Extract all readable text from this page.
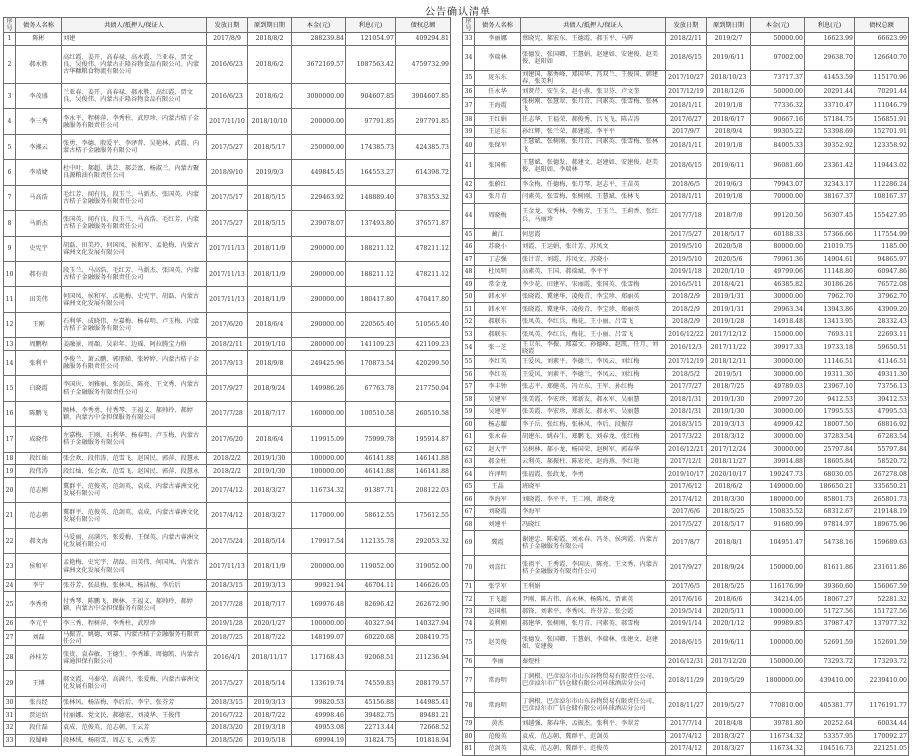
公告确认清单
序号	债务人名称	共债人/抵押人/保证人	发放日期	原到期日期	本金(元)	利息(元)	债权总额
1	陈彬	刘建	2017/8/9	2018/8/2	288239.84	121054.97	409294.81
2	郝永胜	高红霞、姜开、高春禄、高永霞、兰亚春、贾文良、吴俊伟、内蒙古正隆谷物食品有限公司、内蒙古华糠粮食物流有限公司	2016/6/23	2018/6/2	3672169.57	1087563.42	4759732.99
3	李茂盛	兰亚春、姜开、高春禄、郝永胜、高红霞、贾文良、吴俊伟、内蒙古正隆谷物食品有限公司	2016/6/23	2018/6/2	3000000.00	904607.85	3904607.85
4	李三秀	李永平、程树萍、李秀柱、武厚珍、内蒙古桔子金融服务有限责任公司	2017/11/10	2018/10/10	200000.00	97791.85	297791.85
5	李湘云	张勇、李德、殷爱平、李泽普、吴艳林、武霞、内蒙古桔子金融服务有限公司	2017/5/27	2018/5/17	250000.00	174385.73	424385.73
6	李靖婕	杜中叶、郝超、洪芸、郝芸富、杨淑兰、内蒙古聚良源粮油有限责任公司	2018/9/10	2019/9/3	449845.45	164553.27	614398.72
7	马高浩	毛红芳、闻有良、段玉兰、马新杰、张国英、内蒙古桔子金融服务有限责任公司	2017/5/17	2018/5/15	229463.92	148889.40	378353.32
8	马新杰	张国英、闻有良、段玉兰、马高浩、毛红芳、内蒙古桔子金融服务有限责任公司	2017/5/27	2018/5/15	239078.07	137493.80	376571.87
9	史宪宇	胡磊、田美玲、何国凤、侯和军、孟艳梅、内蒙古睿洲文化发展有限公司	2017/11/13	2018/11/9	290000.00	188211.12	478211.12
10	郝有贵	段玉兰、马高浩、毛红芳、马新杰、张国英、内蒙古桔子金融服务有限责任公司	2017/11/13	2018/11/9	290000.00	188211.12	478211.12
11	田美伟	何国凤、侯和军、孟艳梅、史宪宇、胡磊、内蒙古睿洲文化发展有限公司	2017/11/13	2018/11/9	290000.00	180417.80	470417.80
12	王刚	石利华、成晓伟、左嘉梅、杨春明、卢玉梅、内蒙古桔子金融服务有限公司	2017/6/20	2018/6/4	290000.00	220565.40	510565.40
13	周鹏程	姜融景、周頵、吴彩年、边瑶、阿拉腾宝力格	2018/2/11	2019/1/10	280000.00	141109.23	421109.23
14	张利平	李俊兰、萧云鹏、郭朋娣、张婷婷、内蒙古桔子金融服务有限责任公司	2017/9/13	2018/9/8	249425.96	170873.54	420299.50
15	白晓霞	李国庆、刘雅丽、张剑岳、陈亮、王文秀、内蒙古桔子金融服务有限责任公司	2017/9/27	2018/9/24	149986.26	67763.78	217750.04
16	陈鹏飞	顾林、李秀勇、付秀琴、王福义、郝帅玲、郝婷颖、内蒙古中金担保服务有限公司	2017/7/28	2018/7/17	160000.00	100510.58	260510.58
17	成晓伟	左嘉梅、王刚、石利华、杨春明、卢玉梅、内蒙古桔子金融服务有限公司	2017/6/20	2018/6/4	119915.09	75999.78	195914.87
18	段红灿	张会欢、段伟涛、范雪飞、赵国民、郭萍、段慧永	2018/2/2	2019/1/30	100000.00	46141.88	146141.88
19	段伟涛	段红灿、张会欢、范雪飞、赵国民、郭萍、段慧永	2018/2/2	2019/1/30	100000.00	46141.88	146141.88
20	范志刚	冀群平、范俊英、范剑英、袁成、内蒙古睿洲文化发展有限公司	2017/4/12	2018/3/27	116734.32	91387.71	208122.03
21	范志朝	冀群平、范俊英、范剑英、袁成、内蒙古睿洲文化发展有限公司	2017/4/12	2018/3/27	117000.00	58612.55	175612.55
22	郝文海	马爱丽、高满兴、张爱梅、王保英、内蒙古睿洲文化发展有限公司	2017/5/24	2018/5/14	179917.54	112135.78	292053.32
23	侯和军	孟艳梅、史宪宇、胡磊、田美伟、何国凤、内蒙古睿洲文化发展有限公司	2017/11/13	2018/11/9	200000.00	119052.00	319052.00
24	李宁	张芬芳、张晨梅、张林风、杨洁梅、李后后	2018/3/15	2019/3/13	99921.94	46704.11	146626.05
25	李秀勇	付秀琴、陈鹏飞、顾林、王福义、郝帅玲、郝婷颖、内蒙古中金担保服务有限公司	2017/7/28	2018/7/17	169976.48	82696.42	262672.90
26	李元平	李三秀、程树萍、李秀柱、武厚珍	2019/1/28	2020/1/27	100000.00	40327.94	140327.94
27	刘磊	马振青、姚德、刘嘉、内蒙古桔子金融服务有限责任公司	2018/7/25	2018/7/22	148199.07	60220.68	208419.75
28	孙桂芳	张贵、袁春敏、王德生、李秀雄、周德凯、内蒙古睿通担保有限公司	2016/4/1	2018/11/17	117168.43	92068.51	211236.94
29	王博	郝文霞、马秦荣、高满兴、张爱梅、内蒙古睿洲文化发展有限公司	2017/5/27	2018/5/14	133619.74	74559.83	208179.57
30	张良经	张林风、杨洁梅、李后后、李宁、张芬芳	2018/3/15	2019/3/13	99820.53	45156.88	144985.41
31	贾运绍	付丽娜、党文民、郝德宏、刘凌华、王俊伟	2016/7/22	2018/7/22	49998.46	39482.75	89481.21
32	段仕磊	袁成、范俊英、范志朝、王云芳	2018/3/20	2019/3/18	49953.08	22713.44	72668.52
33	段蜀峰	段林绒、杨雨雪、周志飞、云秀芳	2018/5/26	2019/5/18	69994.19	31824.75	101818.94
序号	债务人名称	共债人/抵押人/保证人	发放日期	原到期日期	本金(元)	利息(元)	债权总额
33	李丽娜	蔡晓宪、郝宏东、王德霞、郝玉平、马晖	2018/2/11	2019/2/7	50000.00	16623.99	66623.99
34	李瑞林	张德发、张国卿、王慧娟、赵建如、安建俊、赵美俊、赵阳如	2018/6/15	2019/6/11	97002.00	29638.70	126640.70
35	庞东东	刘建国、郝秀峰、郑国华、冯双兰、王俊国、韩建春、张美利	2017/10/27	2018/10/23	73717.37	41453.59	115170.96
36	任永华	刘贤芹、安生全、赵小燕、张卫芬、卢文奎	2017/12/19	2018/12/6	50000.00	20291.44	70291.44
37	王海霞	张树刚、张慧翠、张月青、闫素英、张雪梅、张林飞	2018/1/11	2019/1/8	77336.32	33710.47	111046.79
38	王红娟	任志华、王福荣、郝俊秀、吕飞飞、陈吉涛	2017/6/27	2018/6/17	90667.16	57184.75	156851.91
39	王运东	孙红辉、张兰荣、郝建霞、李平平	2017/9/7	2018/9/4	99305.22	53398.69	152701.91
40	张保军	王慧斌、张树刚、张月青、闫素英、张雪梅、张林飞	2018/1/11	2019/1/8	84005.33	39352.92	123358.92
41	张国栋	王慧斌、张德发、郝建文、赵建如、安建俊、赵美俊、赵阳如、李瑞林	2018/6/15	2019/6/11	96081.60	23361.42	119443.02
42	张蔚红	李金梅、任德梅、张月琴、赵志平、王苗英	2018/6/5	2019/6/3	79943.07	32343.17	112286.24
43	张月青	闫素英、张雪梅、张树刚、王慧斌、张林飞	2018/1/11	2019/1/8	70000.00	38167.37	108167.37
44	周晓梅	王金龙、安秀林、李梅芳、王玉兰、王莉香、张红兵、马丽珍	2017/7/18	2018/7/8	99120.50	56307.45	155427.95
45	蔺江	何思霞	2017/5/27	2018/5/17	60188.33	57366.66	117554.99
46	苏晓小	刘霞、王运娟、张计芳、苏凤文	2019/5/10	2020/5/8	80000.00	21019.75	1185.00
47	丁志强	张计青、刘霞、苏凤文、苏晓小	2019/5/10	2020/5/6	79961.36	14904.61	94865.97
48	杜凤明	高素英、王国、郝瑞斌、李平平	2019/1/18	2020/1/10	49799.06	11148.80	60947.86
49	常金龙	李少花、田建军、宋丽霞、张国英、张雪梅	2016/5/11	2018/4/21	46385.82	30186.26	76572.08
50	韩永军	张晓霞、冀建华、凌俊青、李宝珍、郑丽英	2018/2/9	2019/1/31	30000.00	7962.70	37962.70
51	韩永军	张晓霞、冀建华、凌俊青、李宝珍、郑丽英	2018/2/9	2019/1/31	29963.34	13943.86	43909.20
52	郝联东	张凤英、李红兵、梅花、王小丽、吕雪飞	2018/2/9	2019/1/28	14918.48	13413.95	28332.43
53	郝联东	张凤英、李红兵、梅花、王小丽、吕雪飞	2016/12/22	2017/12/12	15000.00	7693.11	22693.11
54	张一芝	王卫东、李振、郑嘉文、孙德峰、赵凯、任月、刘晓霞	2016/12/3	2017/11/22	39917.33	19733.18	59650.51
55	李红英	王爱风、刘素平、李德兰、李凤云、刘红梅	2017/12/19	2018/12/11	30000.00	11146.51	41146.51
56	李红英	王爱风、刘素平、李德兰、李凤云、刘红梅	2018/5/2	2019/5/1	30000.00	19311.30	49311.30
57	李丰钟	张志平、郑健英、冯立东、王军、孙红梅	2017/7/27	2018/7/25	49789.03	23967.10	73756.13
58	吴建军	张美霞、李宏珍、郑新友、郝永军、吴丽慧	2018/1/31	2019/1/30	29997.20	9412.53	39412.53
59	吴建军	张美霞、李宏珍、郑新友、郝永军、吴丽慧	2018/1/31	2019/1/30	30000.00	17995.53	47995.53
60	杨志耀	李子岳、张红梅、张林风、李后、段振存	2018/3/15	2019/3/13	49909.42	18007.50	68816.92
61	张永春	胡建东、姚春生、郑鹏飞、刘春龙、张红梅	2017/3/22	2018/3/12	30000.00	37283.54	67283.54
62	赵大宇	吴树林、郝小龙、杨国荣、赵树军、郭春华	2016/12/21	2017/12/24	30000.00	25797.84	55797.84
63	郝金柱	云利英、郝振柱、陈宏亮、赵海燕、李红艳	2017/12/1	2018/11/27	39914.88	18605.84	58520.72
64	许泽明	张福霞、张政龙、李勇	2019/10/17	2020/10/17	199247.73	68030.05	267278.08
65	王晶	班晓军	2017/6/12	2018/6/2	149000.00	186650.21	335650.21
66	李海军	刘晓霞、李平平、王二刚、萧晓龙	2017/4/12	2018/3/30	180000.00	85801.73	265801.73
67	刘晓霞	李海军	2017/6/6	2018/5/25	150835.52	68312.67	219148.19
68	刘建平	冯晓红	2017/5/27	2018/5/17	91680.99	97814.97	189675.96
69	冀霞	谢建忠、陈菊霞、刘永春、冯冬、侯鸿霞、内蒙古桔子金融服务有限公司	2017/8/7	2018/8/1	104951.47	54738.16	159689.63
70	刘喜红	张祖平、王秀霞、李国庆、陈亮、王文秀、内蒙古桔子金融服务有限责任公司	2017/9/27	2018/9/24	150000.00	81611.86	231611.86
71	张学军	王利娟	2017/6/5	2018/5/25	116176.99	39360.60	156067.59
72	王飞超	尹刚、陈占伟、高永林、杨陈凤、贾素英	2017/6/16	2018/6/6	34214.05	18067.27	52281.32
73	赵国根	郝锋、刘素平、李秀风、许芬芳、张会霞	2019/5/14	2020/5/11	100000.00	51727.56	151727.56
74	姜利刚	郝建华、张树刚、张月青、闫素英、郝雪梅	2019/1/14	2020/1/12	99989.85	37987.47	137977.32
75	赵美俊	张德发、张国卿、王慧娟、李瑞林、张建文、赵建如、安建俊	2018/6/15	2019/6/11	100000.00	52691.59	152691.59
76	李丽	秦煜柱	2016/12/31	2017/12/20	150000.00	73293.72	173293.72
77	常海明	丁润根、巴彦淖尔市山东谷物贸易有限责任公司、巴彦淖尔市广信仓储有限公司环球酒店分公司	2018/11/29	2019/5/29	1800000.00	439410.00	2239410.00
78	常海明	丁润根、巴彦淖尔市山东谷物贸易有限责任公司、巴彦淖尔市广信仓储有限公司环球酒店分公司	2018/11/27	2019/5/27	770810.00	405381.77	1176191.77
79	黄杰	刘越强、郝春华、孟振杰、张利平、李翠芳	2017/7/14	2018/4/8	39781.80	20252.64	60034.44
80	范俊英	袁成、范志朝、冀群平、范剑英	2017/4/12	2018/3/27	116734.32	53357.95	170092.27
81	范剑英	袁成、范志朝、冀群平、范俊英	2017/4/12	2018/3/27	116734.32	104516.73	221251.05
